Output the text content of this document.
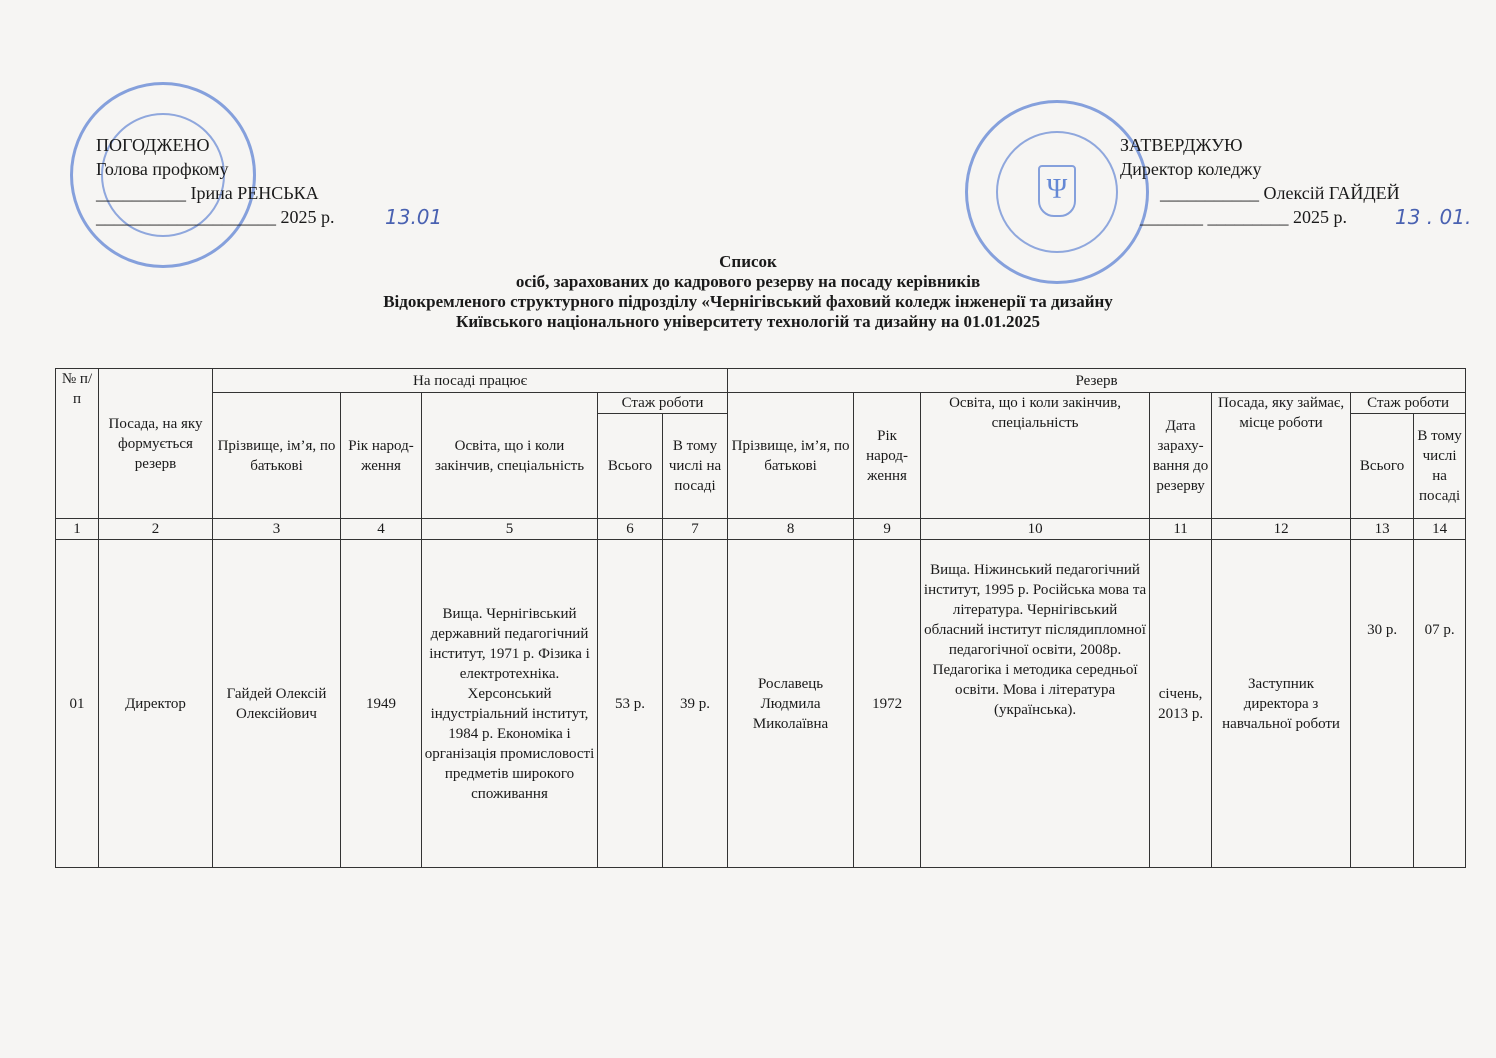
Ψ
ПОГОДЖЕНО
Голова профкому
__________ Ірина РЕНСЬКА
____________________ 2025 р.	13.01
ЗАТВЕРДЖУЮ
Директор коледжу
___________ Олексій ГАЙДЕЙ
_______ _________ 2025 р. 13 . 01.
Список
осіб, зарахованих до кадрового резерву на посаду керівників
Відокремленого структурного підрозділу «Чернігівський фаховий коледж інженерії та дизайну
Київського національного університету технологій та дизайну на 01.01.2025
№ п/ п	Посада, на яку формується резерв	На посаді працює					Резерв						
		Прізвище, ім’я, по батькові	Рік народ-ження	Освіта, що і коли закінчив, спеціальність	Стаж роботи		Прізвище, ім’я, по батькові	Рік народ-ження	Освіта, що і коли закінчив, спеціальність	Дата зараху-вання до резерву	Посада, яку займає, місце роботи	Стаж роботи	
					Всього	В тому числі на посаді						Всього	В тому числі на посаді
1	2	3	4	5	6	7	8	9	10	11	12	13	14
01	Директор	Гайдей Олексій Олексійович	1949	Вища. Чернігівський державний педагогічний інститут, 1971 р. Фізика і електротехніка. Херсонський індустріальний інститут, 1984 р. Економіка і організація промисловості предметів широкого споживання	53 р.	39 р.	Рославець Людмила Миколаївна	1972	Вища. Ніжинський педагогічний інститут, 1995 р. Російська мова та література. Чернігівський обласний інститут післядипломної педагогічної освіти, 2008р. Педагогіка і методика середньої освіти. Мова і література (українська).	січень, 2013 р.	Заступник директора з навчальної роботи	30 р.	07 р.
